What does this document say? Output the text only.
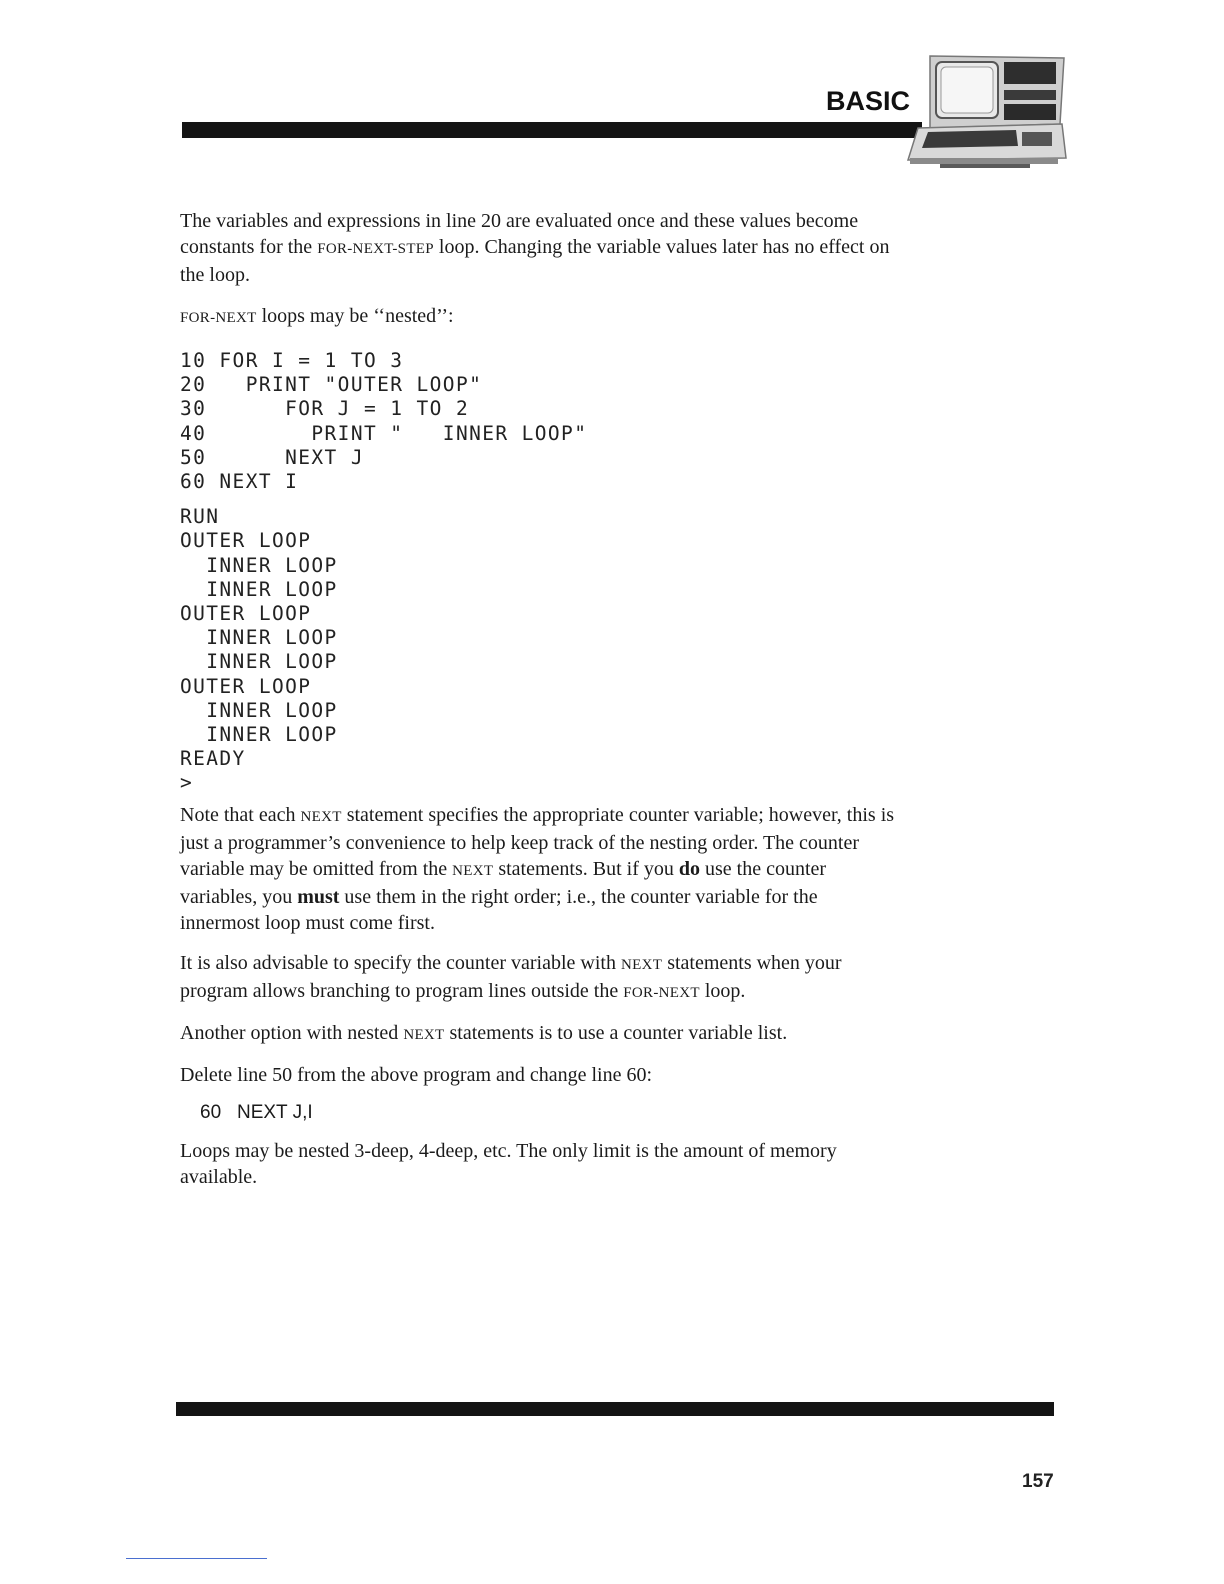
BASIC

The variables and expressions in line 20 are evaluated once and these values become constants for the FOR-NEXT-STEP loop. Changing the variable values later has no effect on the loop.

FOR-NEXT loops may be ‘‘nested’’:

10 FOR I = 1 TO 3
20   PRINT "OUTER LOOP"
30      FOR J = 1 TO 2
40        PRINT "   INNER LOOP"
50      NEXT J
60 NEXT I
RUN
OUTER LOOP
INNER LOOP
INNER LOOP
OUTER LOOP
INNER LOOP
INNER LOOP
OUTER LOOP
INNER LOOP
INNER LOOP
READY
>

Note that each NEXT statement specifies the appropriate counter variable; however, this is just a programmer’s convenience to help keep track of the nesting order. The counter variable may be omitted from the NEXT statements. But if you do use the counter variables, you must use them in the right order; i.e., the counter variable for the innermost loop must come first.

It is also advisable to specify the counter variable with NEXT statements when your program allows branching to program lines outside the FOR-NEXT loop.

Another option with nested NEXT statements is to use a counter variable list.

Delete line 50 from the above program and change line 60:

60   NEXT J,I

Loops may be nested 3-deep, 4-deep, etc. The only limit is the amount of memory available.

157
